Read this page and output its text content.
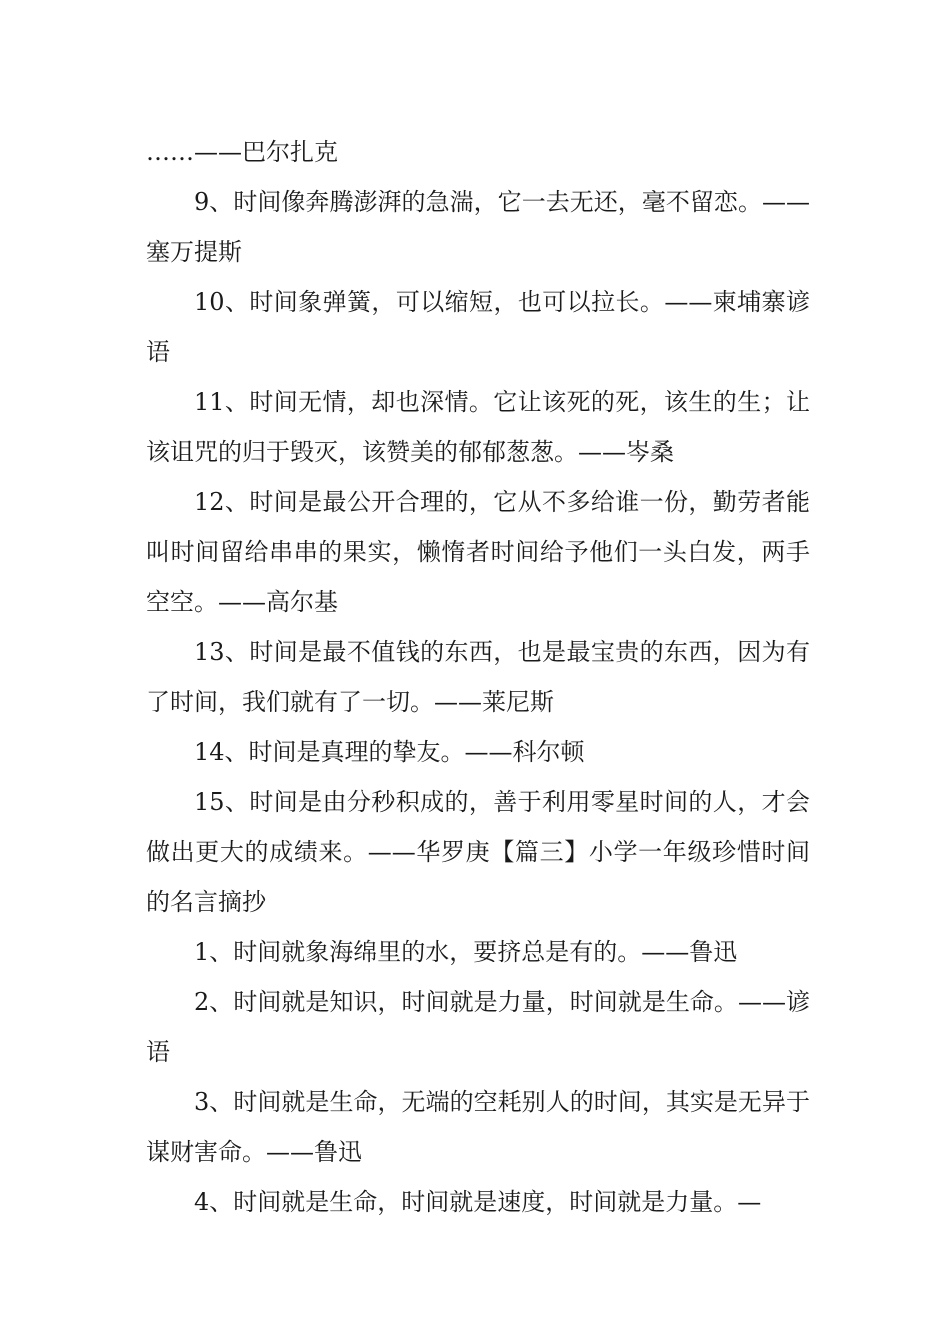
……——巴尔扎克

9、时间像奔腾澎湃的急湍，它一去无还，毫不留恋。——塞万提斯

10、时间象弹簧，可以缩短，也可以拉长。——柬埔寨谚语

11、时间无情，却也深情。它让该死的死，该生的生；让该诅咒的归于毁灭，该赞美的郁郁葱葱。——岑桑

12、时间是最公开合理的，它从不多给谁一份，勤劳者能叫时间留给串串的果实，懒惰者时间给予他们一头白发，两手空空。——高尔基

13、时间是最不值钱的东西，也是最宝贵的东西，因为有了时间，我们就有了一切。——莱尼斯

14、时间是真理的挚友。——科尔顿

15、时间是由分秒积成的，善于利用零星时间的人，才会做出更大的成绩来。——华罗庚【篇三】小学一年级珍惜时间的名言摘抄

1、时间就象海绵里的水，要挤总是有的。——鲁迅

2、时间就是知识，时间就是力量，时间就是生命。——谚语

3、时间就是生命，无端的空耗别人的时间，其实是无异于谋财害命。——鲁迅

4、时间就是生命，时间就是速度，时间就是力量。—
